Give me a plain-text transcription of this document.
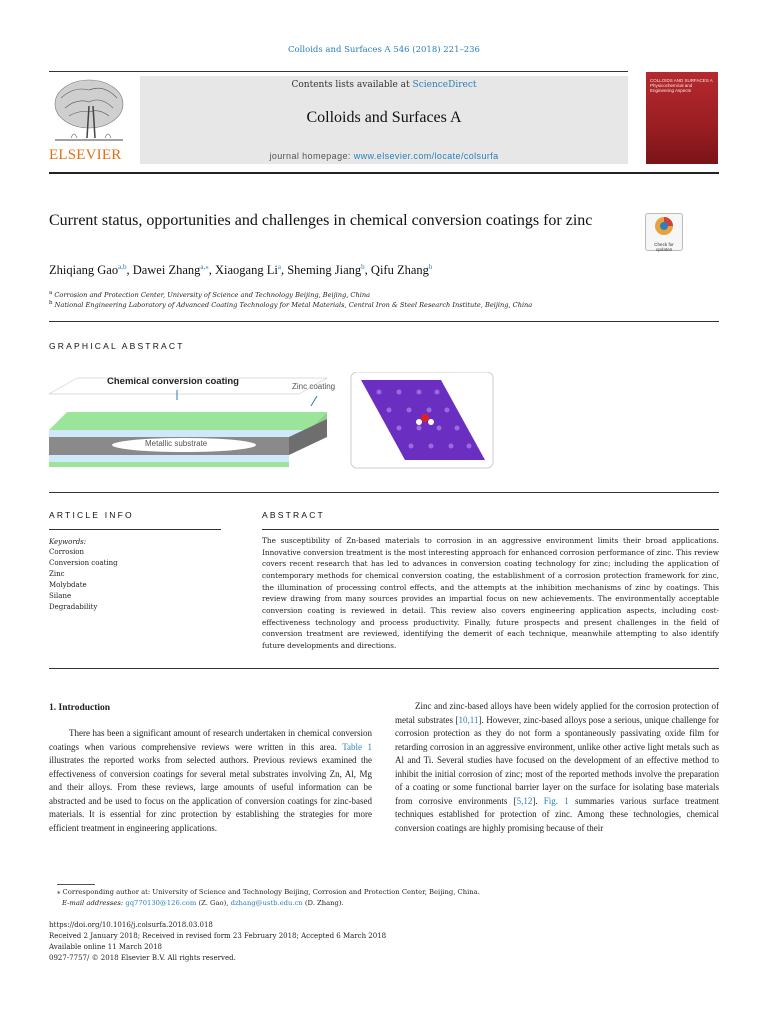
Colloids and Surfaces A 546 (2018) 221–236
ELSEVIER
Contents lists available at ScienceDirect
Colloids and Surfaces A
journal homepage: www.elsevier.com/locate/colsurfa
COLLOIDS AND SURFACES A Physicochemical and Engineering Aspects
Current status, opportunities and challenges in chemical conversion coatings for zinc
Check for updates
Zhiqiang Gao$^{a,b}$, Dawei Zhang$^{a,⁎}$, Xiaogang Li$^a$, Sheming Jiang$^b$, Qifu Zhang$^b$
$^a$ Corrosion and Protection Center, University of Science and Technology Beijing, Beijing, China
$^b$ National Engineering Laboratory of Advanced Coating Technology for Metal Materials, Central Iron & Steel Research Institute, Beijing, China
GRAPHICAL ABSTRACT
Chemical conversion coating	Zinc coating
Metallic substrate
ARTICLE INFO
Keywords:
Corrosion
Conversion coating
Zinc
Molybdate
Silane
Degradability
ABSTRACT
The susceptibility of Zn-based materials to corrosion in an aggressive environment limits their broad applications. Innovative conversion treatment is the most interesting approach for enhanced corrosion performance of zinc. This review covers recent research that has led to advances in conversion coating technology for zinc; including the application of contemporary methods for chemical conversion coating, the establishment of a corrosion protection framework for zinc, the illumination of processing control effects, and the attempts at the inhibition mechanisms of zinc by coatings. This review drawing from many sources provides an impartial focus on new achievements. The environmentally acceptable conversion coating is reviewed in detail. This review also covers engineering application aspects, including cost-effectiveness technology and process productivity. Finally, future prospects and present challenges in the field of conversion treatment are reviewed, identifying the demerit of each technique, meanwhile attempting to also identify future developments and directions.
1. Introduction
There has been a significant amount of research undertaken in chemical conversion coatings when various comprehensive reviews were written in this area. Table 1 illustrates the reported works from selected authors. Previous reviews examined the effectiveness of conversion coatings for several metal substrates involving Zn, Al, Mg and their alloys. From these reviews, large amounts of useful information can be abstracted and be used to focus on the application of conversion coatings for zinc-based materials. It is essential for zinc protection by establishing the strategies for more efficient treatment in engineering applications.
Zinc and zinc-based alloys have been widely applied for the corrosion protection of metal substrates [10,11]. However, zinc-based alloys pose a serious, unique challenge for corrosion protection as they do not form a spontaneously passivating oxide film for retarding corrosion in an aggressive environment, unlike other active light metals such as Al and Ti. Several studies have focused on the development of an effective method to inhibit the initial corrosion of zinc; most of the reported methods involve the preparation of a coating or some functional barrier layer on the surface for isolating base materials from corrosive environments [5,12]. Fig. 1 summaries various surface treatment techniques established for protection of zinc. Among these technologies, chemical conversion coatings are highly promising because of their
⁎ Corresponding author at: University of Science and Technology Beijing, Corrosion and Protection Center, Beijing, China.
E-mail addresses: gq770130@126.com (Z. Gao), dzhang@ustb.edu.cn (D. Zhang).
https://doi.org/10.1016/j.colsurfa.2018.03.018
Received 2 January 2018; Received in revised form 23 February 2018; Accepted 6 March 2018
Available online 11 March 2018
0927-7757/ © 2018 Elsevier B.V. All rights reserved.
